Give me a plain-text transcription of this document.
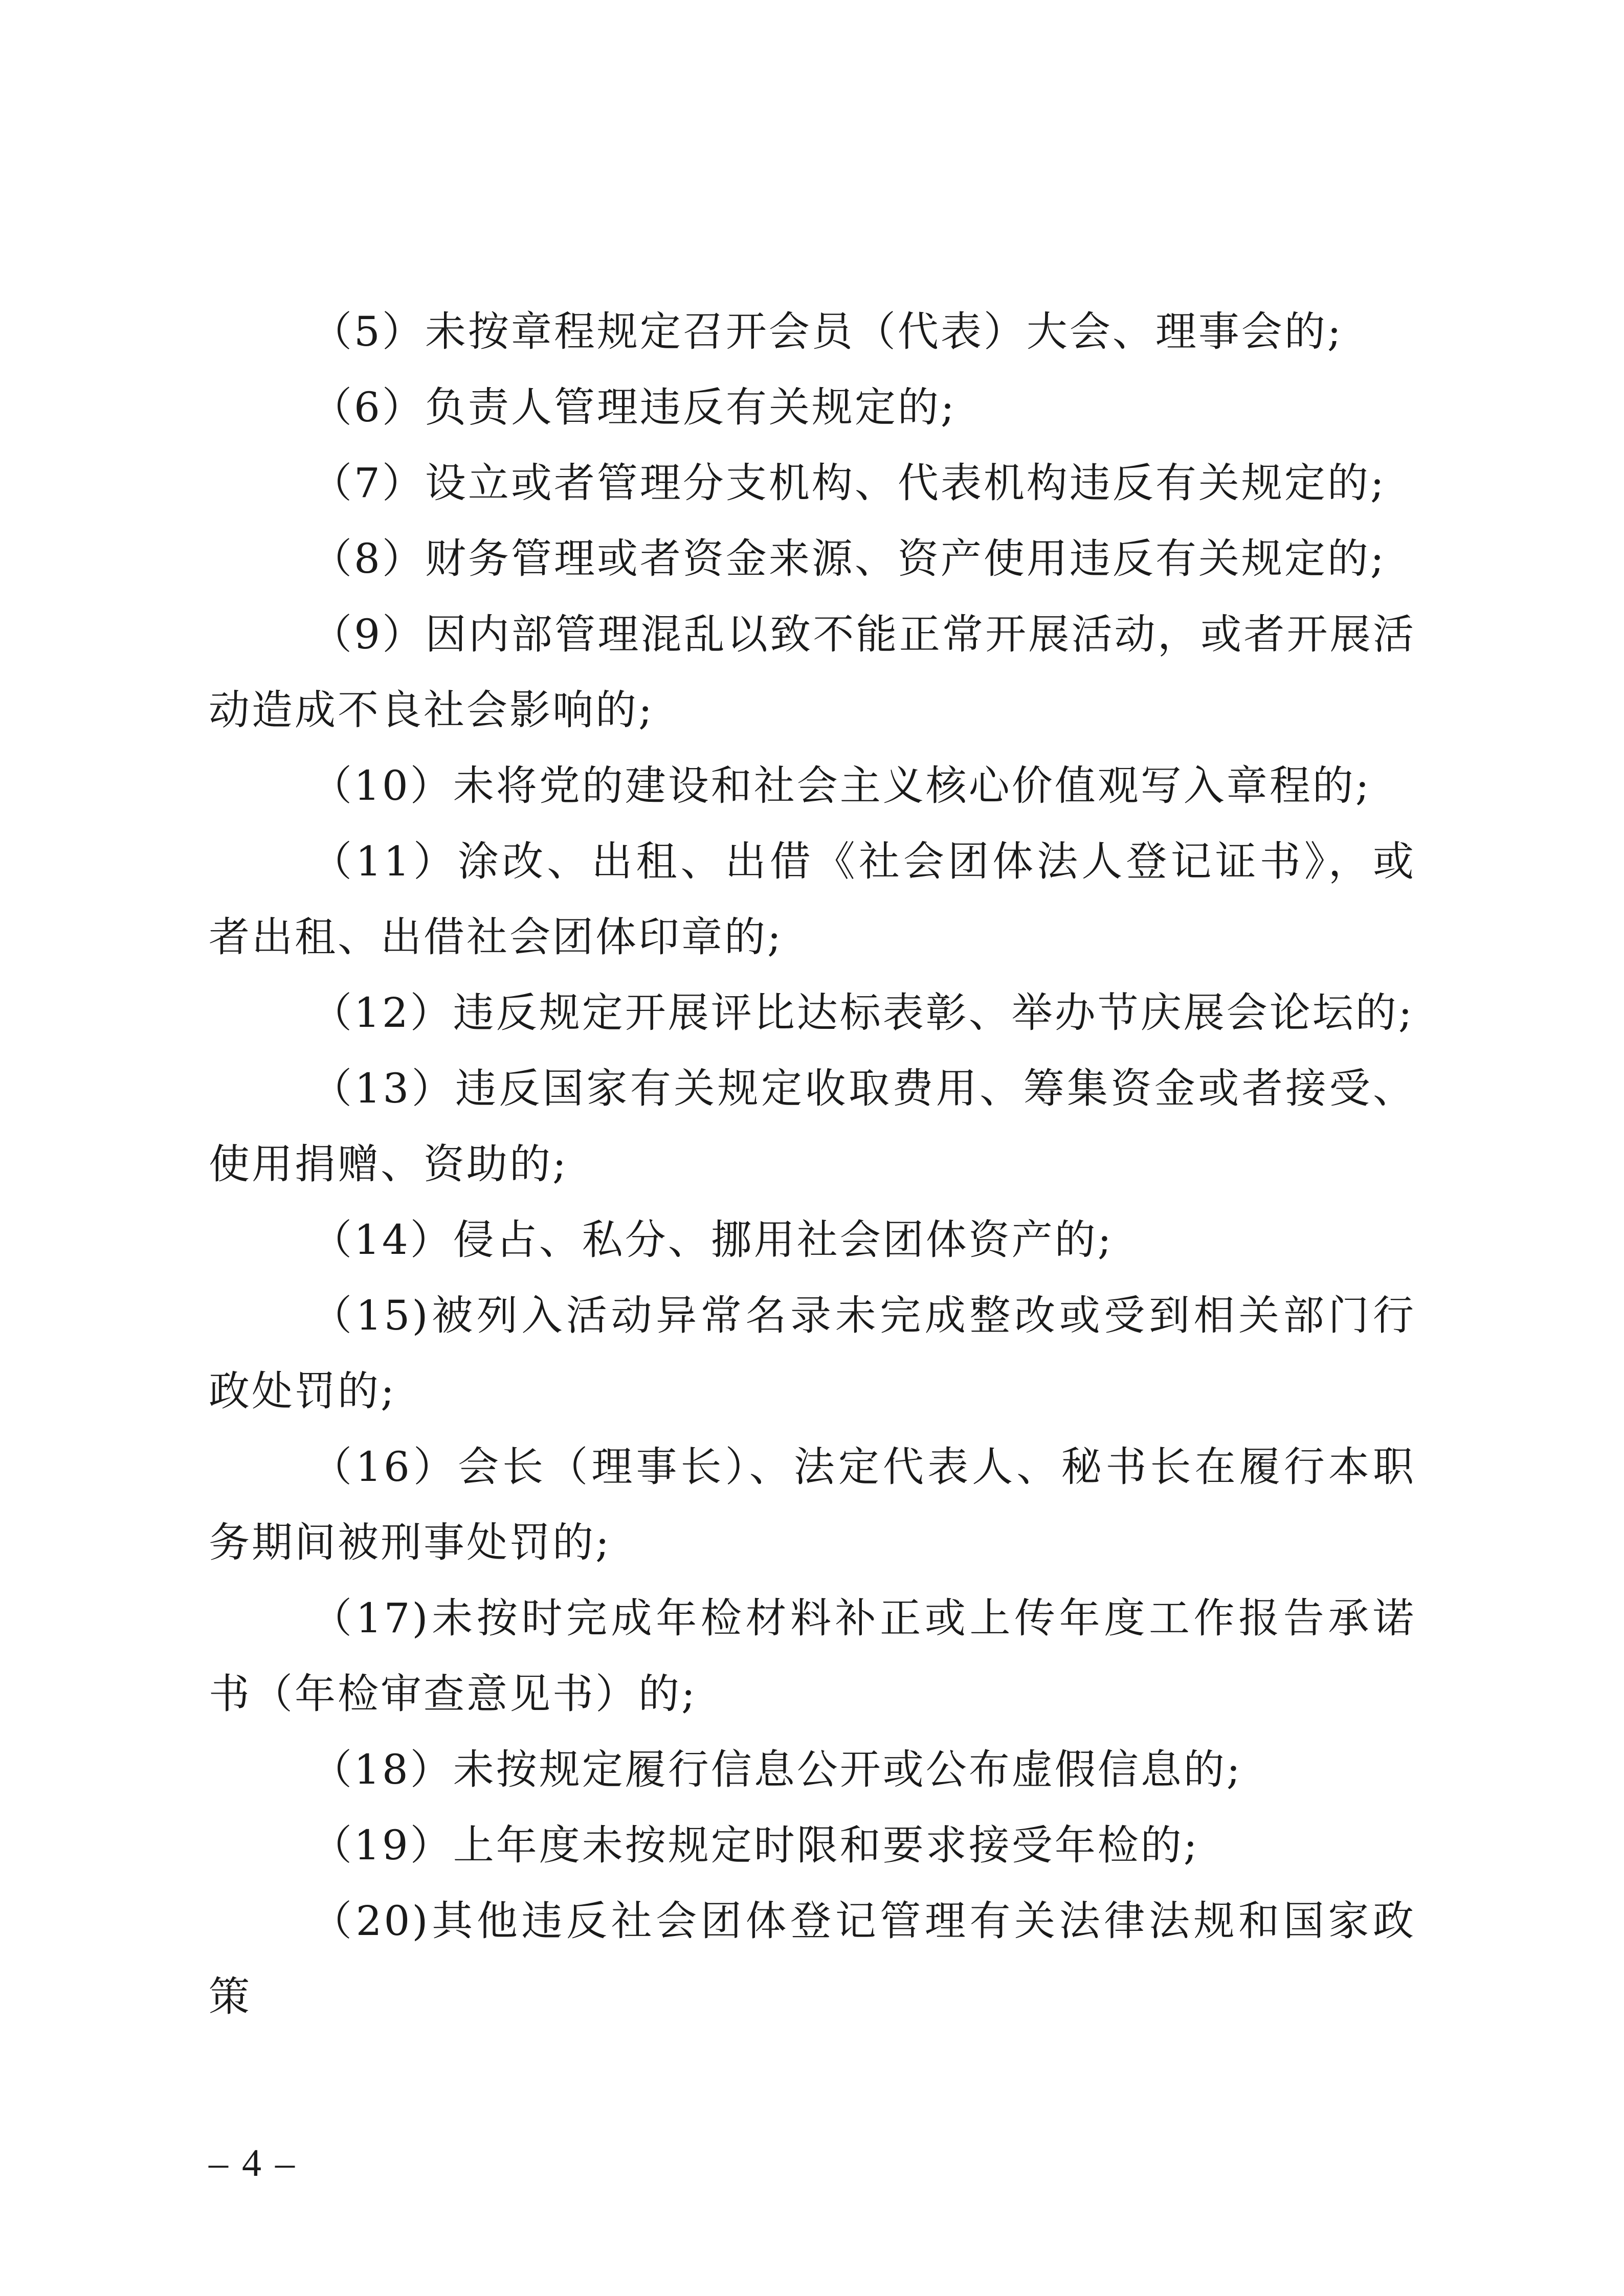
（5）未按章程规定召开会员（代表）大会、理事会的;

（6）负责人管理违反有关规定的;

（7）设立或者管理分支机构、代表机构违反有关规定的;

（8）财务管理或者资金来源、资产使用违反有关规定的;

（9）因内部管理混乱以致不能正常开展活动，或者开展活动造成不良社会影响的;

（10）未将党的建设和社会主义核心价值观写入章程的;

（11）涂改、出租、出借《社会团体法人登记证书》，或者出租、出借社会团体印章的;

（12）违反规定开展评比达标表彰、举办节庆展会论坛的;

（13）违反国家有关规定收取费用、筹集资金或者接受、使用捐赠、资助的;

（14）侵占、私分、挪用社会团体资产的;

（15)被列入活动异常名录未完成整改或受到相关部门行政处罚的;

（16）会长（理事长）、法定代表人、秘书长在履行本职务期间被刑事处罚的;

（17)未按时完成年检材料补正或上传年度工作报告承诺书（年检审查意见书）的;

（18）未按规定履行信息公开或公布虚假信息的;

（19）上年度未按规定时限和要求接受年检的;

（20)其他违反社会团体登记管理有关法律法规和国家政策

– 4 –
